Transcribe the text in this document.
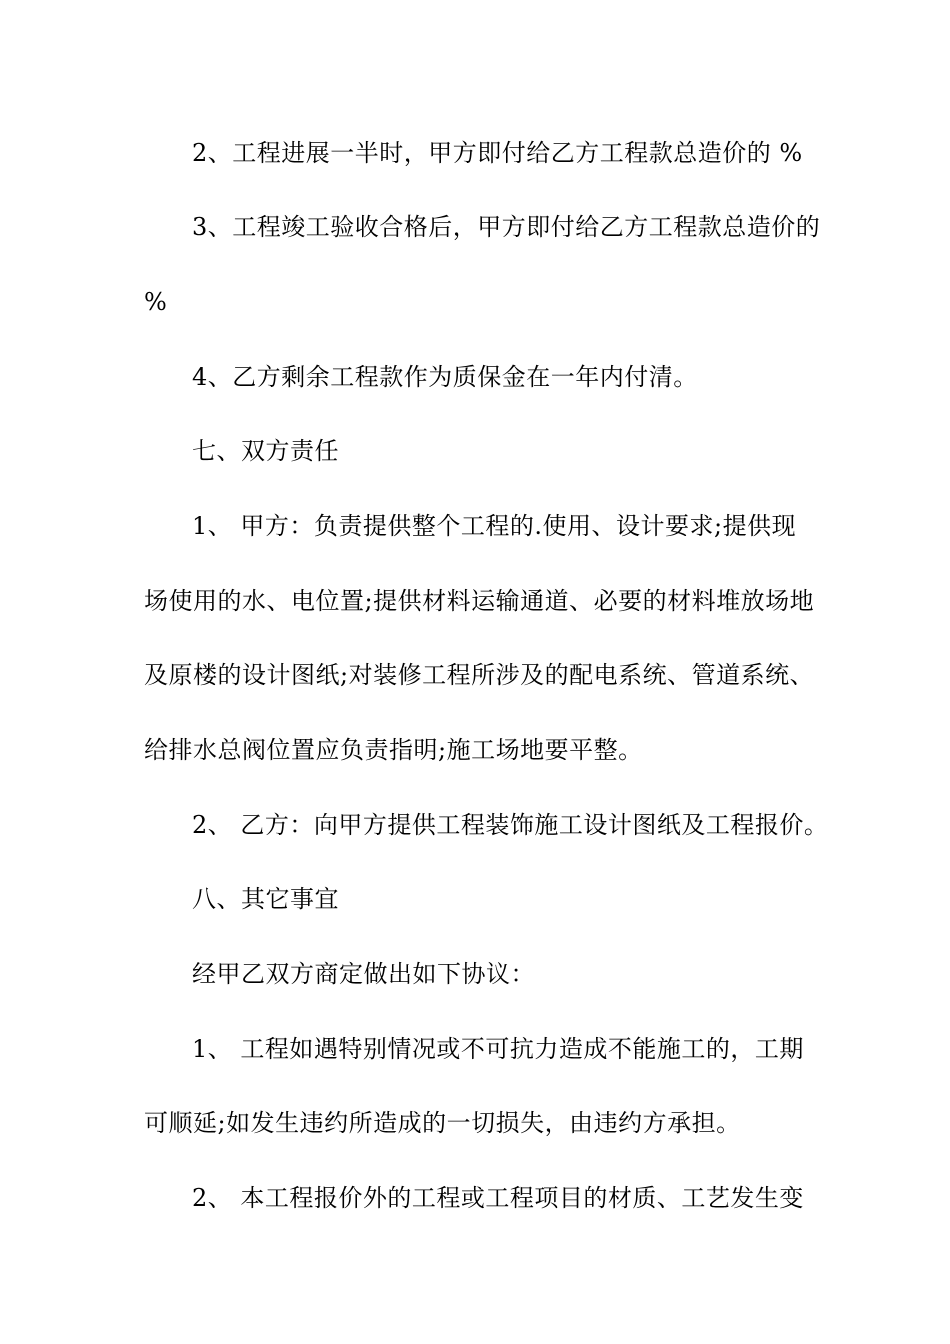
2、工程进展一半时，甲方即付给乙方工程款总造价的 %
3、工程竣工验收合格后，甲方即付给乙方工程款总造价的
%
4、乙方剩余工程款作为质保金在一年内付清。
七、双方责任
1、 甲方：负责提供整个工程的.使用、设计要求;提供现
场使用的水、电位置;提供材料运输通道、必要的材料堆放场地
及原楼的设计图纸;对装修工程所涉及的配电系统、管道系统、
给排水总阀位置应负责指明;施工场地要平整。
2、 乙方：向甲方提供工程装饰施工设计图纸及工程报价。
八、其它事宜
经甲乙双方商定做出如下协议：
1、 工程如遇特别情况或不可抗力造成不能施工的，工期
可顺延;如发生违约所造成的一切损失，由违约方承担。
2、 本工程报价外的工程或工程项目的材质、工艺发生变
